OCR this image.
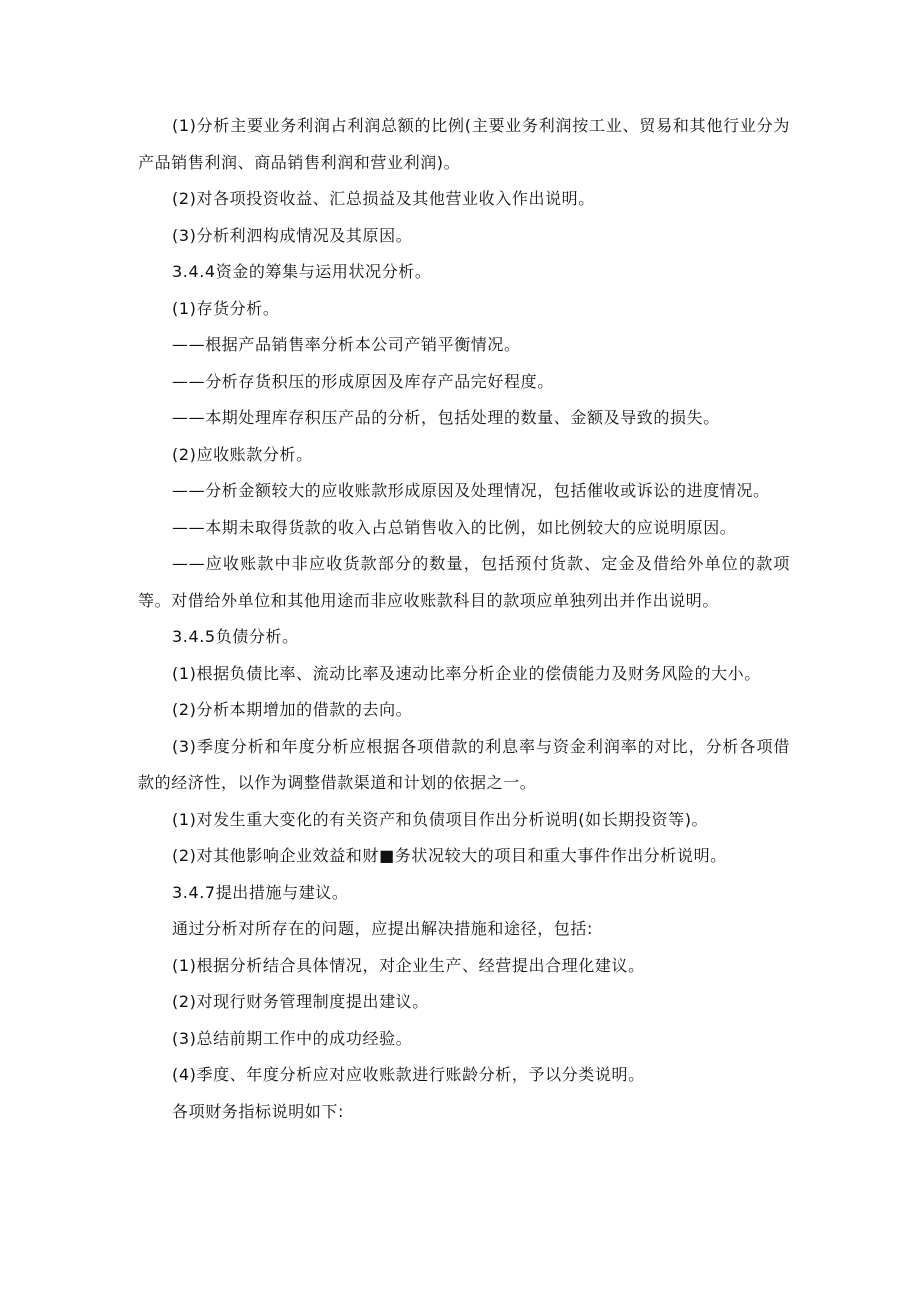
(1)分析主要业务利润占利润总额的比例(主要业务利润按工业、贸易和其他行业分为产品销售利润、商品销售利润和营业利润)。

(2)对各项投资收益、汇总损益及其他营业收入作出说明。

(3)分析利泗构成情况及其原因。

3.4.4资金的筹集与运用状况分析。

(1)存货分析。

——根据产品销售率分析本公司产销平衡情况。

——分析存货积压的形成原因及库存产品完好程度。

——本期处理库存积压产品的分析，包括处理的数量、金额及导致的损失。

(2)应收账款分析。

——分析金额较大的应收账款形成原因及处理情况，包括催收或诉讼的进度情况。

——本期未取得货款的收入占总销售收入的比例，如比例较大的应说明原因。

——应收账款中非应收货款部分的数量，包括预付货款、定金及借给外单位的款项等。对借给外单位和其他用途而非应收账款科目的款项应单独列出并作出说明。

3.4.5负债分析。

(1)根据负债比率、流动比率及速动比率分析企业的偿债能力及财务风险的大小。

(2)分析本期增加的借款的去向。

(3)季度分析和年度分析应根据各项借款的利息率与资金利润率的对比，分析各项借款的经济性，以作为调整借款渠道和计划的依据之一。

(1)对发生重大变化的有关资产和负债项目作出分析说明(如长期投资等)。

(2)对其他影响企业效益和财■务状况较大的项目和重大事件作出分析说明。

3.4.7提出措施与建议。

通过分析对所存在的问题，应提出解决措施和途径，包括:

(1)根据分析结合具体情况，对企业生产、经营提出合理化建议。

(2)对现行财务管理制度提出建议。

(3)总结前期工作中的成功经验。

(4)季度、年度分析应对应收账款进行账龄分析，予以分类说明。

各项财务指标说明如下:
